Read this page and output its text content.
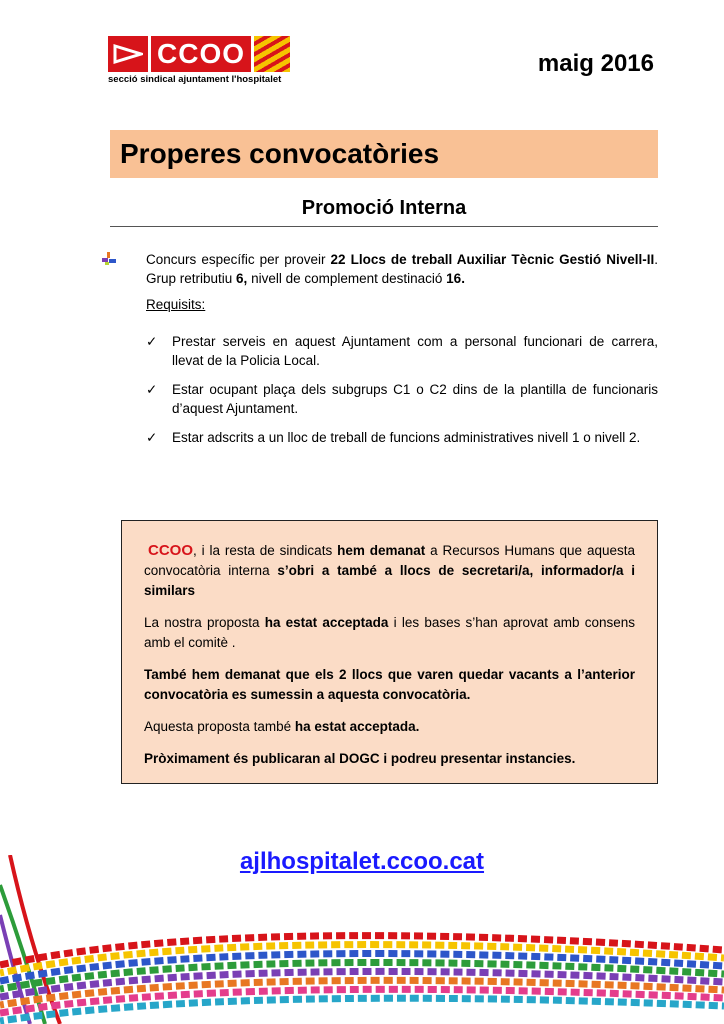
CCOO
secció sindical ajuntament l'hospitalet
maig 2016
Properes convocatòries
Promoció Interna
Concurs específic per proveir 22 Llocs de treball Auxiliar Tècnic Gestió Nivell-II. Grup retributiu 6, nivell de complement destinació 16.
Requisits:
✓	Prestar serveis en aquest Ajuntament com a personal funcionari de carrera, llevat de la Policia Local.
✓	Estar ocupant plaça dels subgrups C1 o C2 dins de la plantilla de funcionaris d’aquest Ajuntament.
✓	Estar adscrits a un lloc de treball de funcions administratives nivell 1 o nivell 2.

CCOO, i la resta de sindicats hem demanat a Recursos Humans que aquesta convocatòria interna s’obri a també a llocs de secretari/a, informador/a i similars

La nostra proposta ha estat acceptada i les bases s’han aprovat amb consens amb el comitè .

També hem demanat que els 2 llocs que varen quedar vacants a l’anterior convocatòria es sumessin a aquesta convocatòria.

Aquesta proposta també ha estat acceptada.

Pròximament és publicaran al DOGC i podreu presentar instancies.

ajlhospitalet.ccoo.cat
